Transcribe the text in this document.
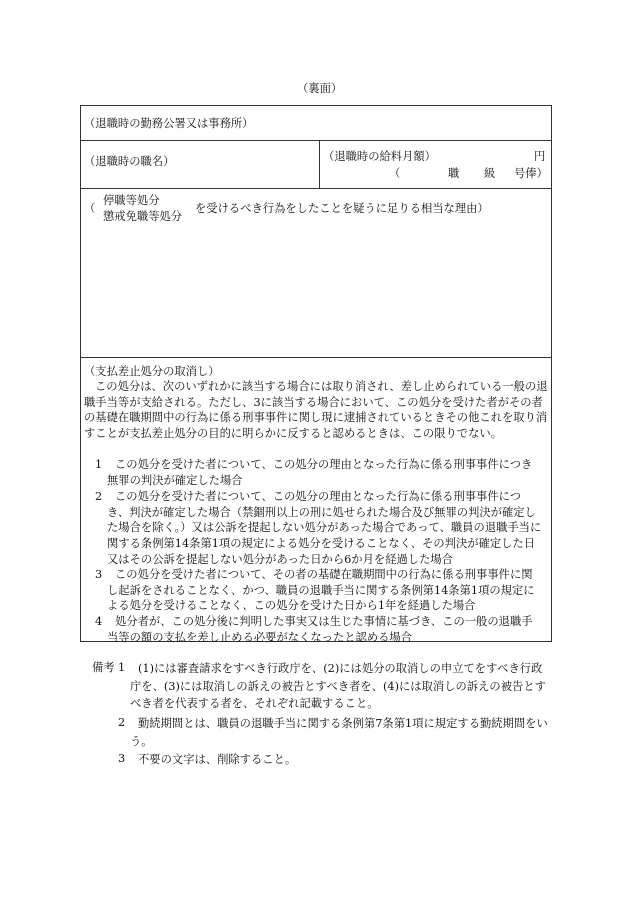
（裏面）
（退職時の勤務公署又は事務所）
（退職時の職名）	（退職時の給料月額）	円
（	職 級 号俸）
（
停職等処分
懲戒免職等処分
を受けるべき行為をしたことを疑うに足りる相当な理由）
（支払差止処分の取消し）
この処分は、次のいずれかに該当する場合には取り消され、差し止められている一般の退職手当等が支給される。ただし、3に該当する場合において、この処分を受けた者がその者の基礎在職期間中の行為に係る刑事事件に関し現に逮捕されているときその他これを取り消すことが支払差止処分の目的に明らかに反すると認めるときは、この限りでない。
1	この処分を受けた者について、この処分の理由となった行為に係る刑事事件につき無罪の判決が確定した場合
2	この処分を受けた者について、この処分の理由となった行為に係る刑事事件につき、判決が確定した場合（禁錮刑以上の刑に処せられた場合及び無罪の判決が確定した場合を除く。）又は公訴を提起しない処分があった場合であって、職員の退職手当に関する条例第14条第1項の規定による処分を受けることなく、その判決が確定した日又はその公訴を提起しない処分があった日から6か月を経過した場合
3	この処分を受けた者について、その者の基礎在職期間中の行為に係る刑事事件に関し起訴をされることなく、かつ、職員の退職手当に関する条例第14条第1項の規定による処分を受けることなく、この処分を受けた日から1年を経過した場合
4	処分者が、この処分後に判明した事実又は生じた事情に基づき、この一般の退職手当等の額の支払を差し止める必要がなくなったと認める場合
備考 1	(1)には審査請求をすべき行政庁を、(2)には処分の取消しの申立てをすべき行政庁を、(3)には取消しの訴えの被告とすべき者を、(4)には取消しの訴えの被告とすべき者を代表する者を、それぞれ記載すること。
2	勤続期間とは、職員の退職手当に関する条例第7条第1項に規定する勤続期間をいう。
3	不要の文字は、削除すること。
